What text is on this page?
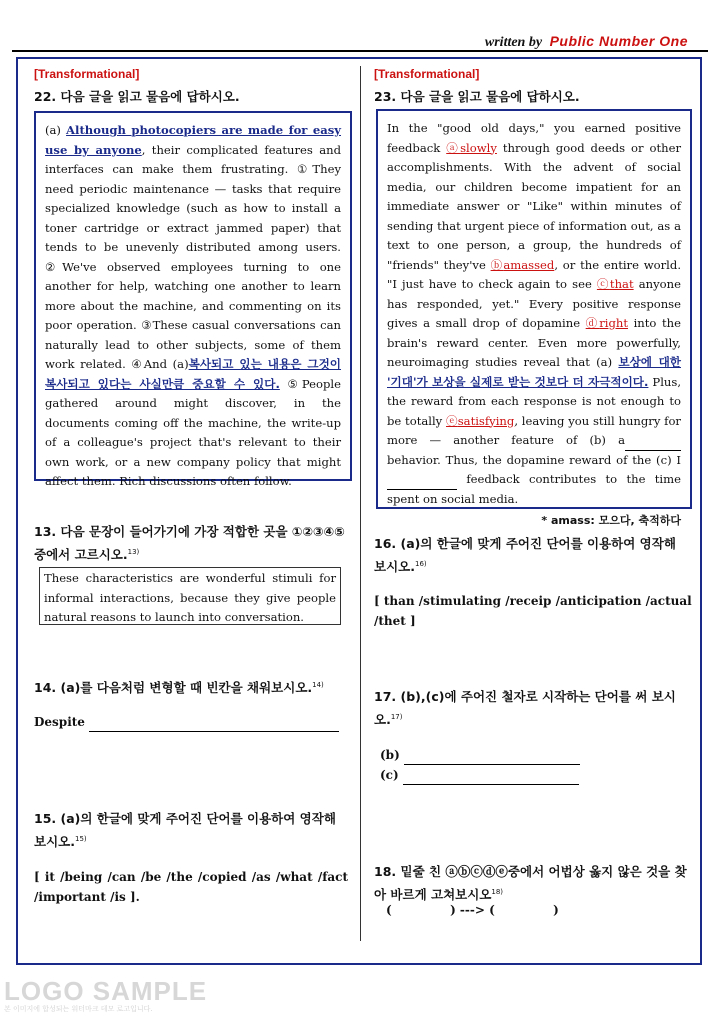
written by Public Number One
[Transformational]
22. 다음 글을 읽고 물음에 답하시오.
(a) Although photocopiers are made for easy use by anyone, their complicated features and interfaces can make them frustrating. ①They need periodic maintenance — tasks that require specialized knowledge (such as how to install a toner cartridge or extract jammed paper) that tends to be unevenly distributed among users. ②We've observed employees turning to one another for help, watching one another to learn more about the machine, and commenting on its poor operation. ③These casual conversations can naturally lead to other subjects, some of them work related. ④And (a)복사되고 있는 내용은 그것이 복사되고 있다는 사실만큼 중요할 수 있다. ⑤People gathered around might discover, in the documents coming off the machine, the write-up of a colleague's project that's relevant to their own work, or a new company policy that might affect them. Rich discussions often follow.
13. 다음 문장이 들어가기에 가장 적합한 곳을 ①②③④⑤중에서 고르시오.$^{13)}$
These characteristics are wonderful stimuli for informal interactions, because they give people natural reasons to launch into conversation.
14. (a)를 다음처럼 변형할 때 빈칸을 채워보시오.$^{14)}$
Despite
15. (a)의 한글에 맞게 주어진 단어를 이용하여 영작해 보시오.$^{15)}$
[ it /being /can /be /the /copied /as /what /fact /important /is ].
[Transformational]
23. 다음 글을 읽고 물음에 답하시오.
In the "good old days," you earned positive feedback ⓐslowly through good deeds or other accomplishments. With the advent of social media, our children become impatient for an immediate answer or "Like" within minutes of sending that urgent piece of information out, as a text to one person, a group, the hundreds of "friends" they've ⓑamassed, or the entire world. "I just have to check again to see ⓒthat anyone has responded, yet." Every positive response gives a small drop of dopamine ⓓright into the brain's reward center. Even more powerfully, neuroimaging studies reveal that (a) 보상에 대한 '기대'가 보상을 실제로 받는 것보다 더 자극적이다. Plus, the reward from each response is not enough to be totally ⓔsatisfying, leaving you still hungry for more — another feature of (b) a behavior. Thus, the dopamine reward of the (c) I feedback contributes to the time spent on social media.
* amass: 모으다, 축적하다
16. (a)의 한글에 맞게 주어진 단어를 이용하여 영작해 보시오.$^{16)}$
[ than /stimulating /receip /anticipation /actual /thet ]
17. (b),(c)에 주어진 철자로 시작하는 단어를 써 보시오.$^{17)}$
(b)
(c)
18. 밑줄 친 ⓐⓑⓒⓓⓔ중에서 어법상 옳지 않은 것을 찾아 바르게 고쳐보시오$^{18)}$
(	) ---> (	)
LOGO SAMPLE
본 이미지에 합성되는 워터마크 데모 로고입니다.
